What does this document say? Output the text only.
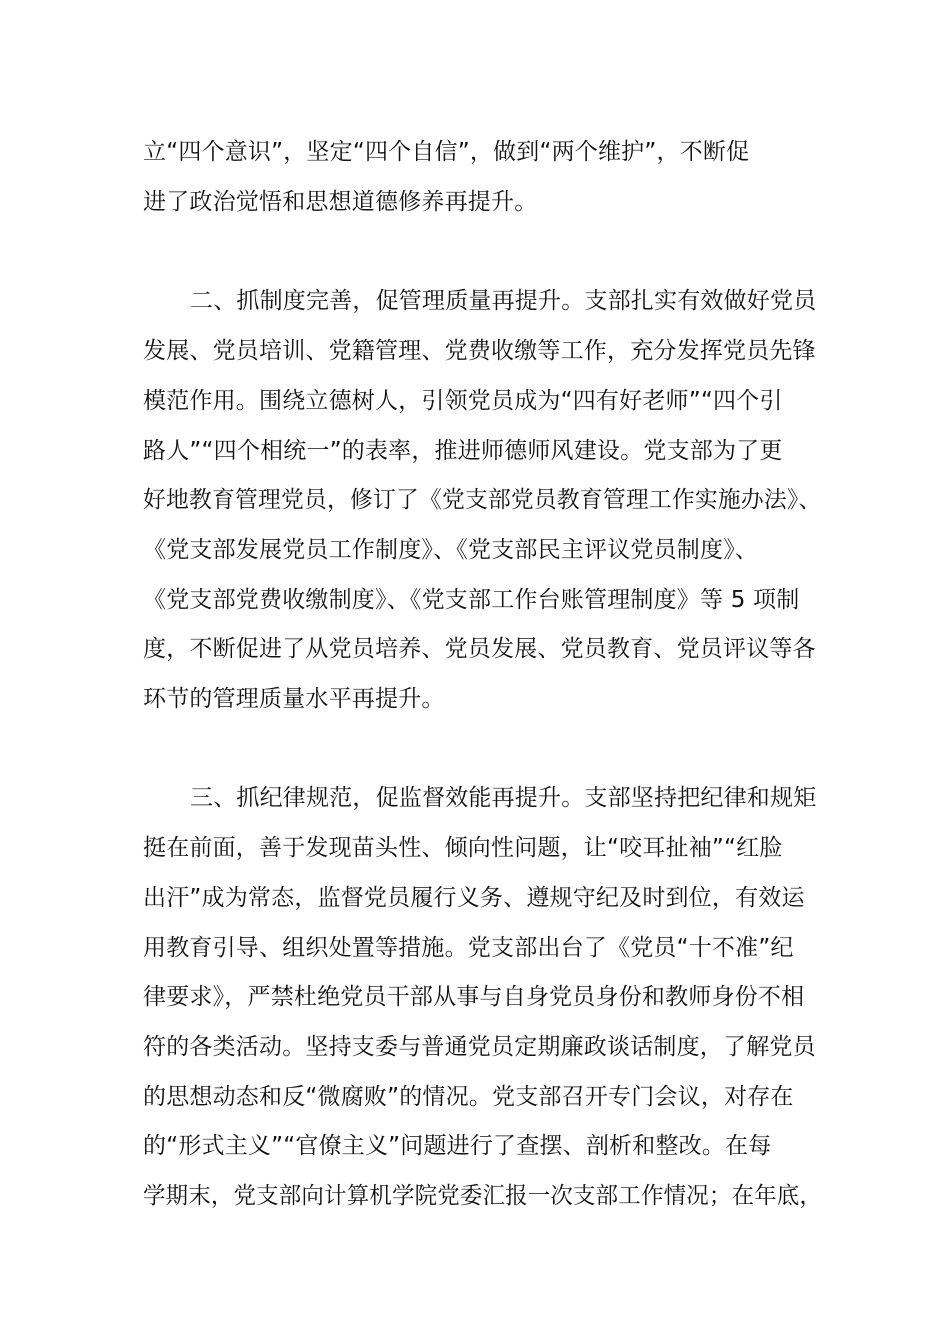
立“四个意识”，坚定“四个自信”，做到“两个维护”，不断促
进了政治觉悟和思想道德修养再提升。
二、抓制度完善，促管理质量再提升。支部扎实有效做好党员
发展、党员培训、党籍管理、党费收缴等工作，充分发挥党员先锋
模范作用。围绕立德树人，引领党员成为“四有好老师”“四个引
路人”“四个相统一”的表率，推进师德师风建设。党支部为了更
好地教育管理党员，修订了《党支部党员教育管理工作实施办法》、
《党支部发展党员工作制度》、《党支部民主评议党员制度》、
《党支部党费收缴制度》、《党支部工作台账管理制度》等 5 项制
度，不断促进了从党员培养、党员发展、党员教育、党员评议等各
环节的管理质量水平再提升。
三、抓纪律规范，促监督效能再提升。支部坚持把纪律和规矩
挺在前面，善于发现苗头性、倾向性问题，让“咬耳扯袖”“红脸
出汗”成为常态，监督党员履行义务、遵规守纪及时到位，有效运
用教育引导、组织处置等措施。党支部出台了《党员“十不准”纪
律要求》，严禁杜绝党员干部从事与自身党员身份和教师身份不相
符的各类活动。坚持支委与普通党员定期廉政谈话制度，了解党员
的思想动态和反“微腐败”的情况。党支部召开专门会议，对存在
的“形式主义”“官僚主义”问题进行了查摆、剖析和整改。在每
学期末，党支部向计算机学院党委汇报一次支部工作情况；在年底，
